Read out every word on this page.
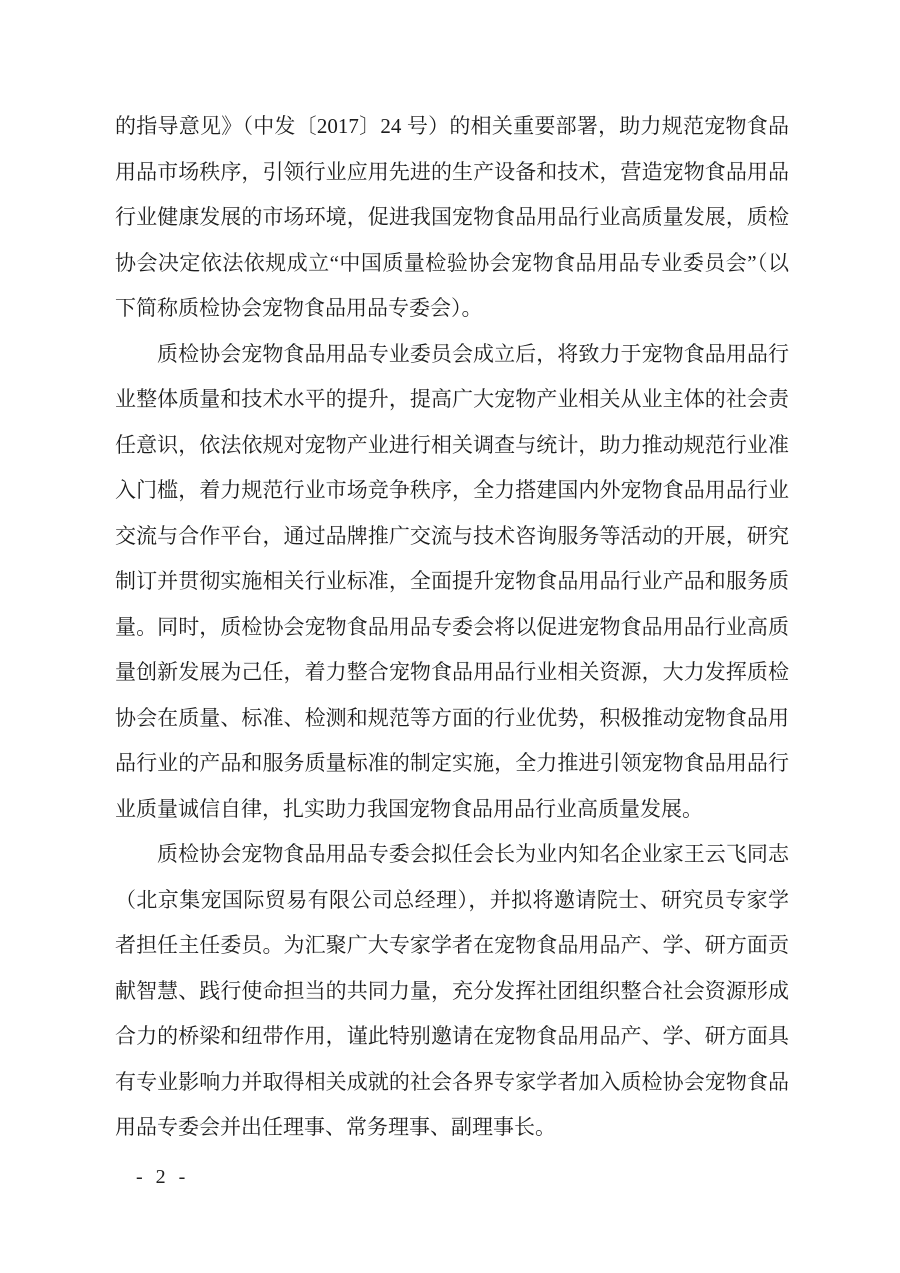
的指导意见》（中发〔2017〕24 号）的相关重要部署，助力规范宠物食品用品市场秩序，引领行业应用先进的生产设备和技术，营造宠物食品用品行业健康发展的市场环境，促进我国宠物食品用品行业高质量发展，质检协会决定依法依规成立“中国质量检验协会宠物食品用品专业委员会”（以下简称质检协会宠物食品用品专委会）。

质检协会宠物食品用品专业委员会成立后，将致力于宠物食品用品行业整体质量和技术水平的提升，提高广大宠物产业相关从业主体的社会责任意识，依法依规对宠物产业进行相关调查与统计，助力推动规范行业准入门槛，着力规范行业市场竞争秩序，全力搭建国内外宠物食品用品行业交流与合作平台，通过品牌推广交流与技术咨询服务等活动的开展，研究制订并贯彻实施相关行业标准，全面提升宠物食品用品行业产品和服务质量。同时，质检协会宠物食品用品专委会将以促进宠物食品用品行业高质量创新发展为己任，着力整合宠物食品用品行业相关资源，大力发挥质检协会在质量、标准、检测和规范等方面的行业优势，积极推动宠物食品用品行业的产品和服务质量标准的制定实施，全力推进引领宠物食品用品行业质量诚信自律，扎实助力我国宠物食品用品行业高质量发展。

质检协会宠物食品用品专委会拟任会长为业内知名企业家王云飞同志（北京集宠国际贸易有限公司总经理），并拟将邀请院士、研究员专家学者担任主任委员。为汇聚广大专家学者在宠物食品用品产、学、研方面贡献智慧、践行使命担当的共同力量，充分发挥社团组织整合社会资源形成合力的桥梁和纽带作用，谨此特别邀请在宠物食品用品产、学、研方面具有专业影响力并取得相关成就的社会各界专家学者加入质检协会宠物食品用品专委会并出任理事、常务理事、副理事长。

- 2 -
